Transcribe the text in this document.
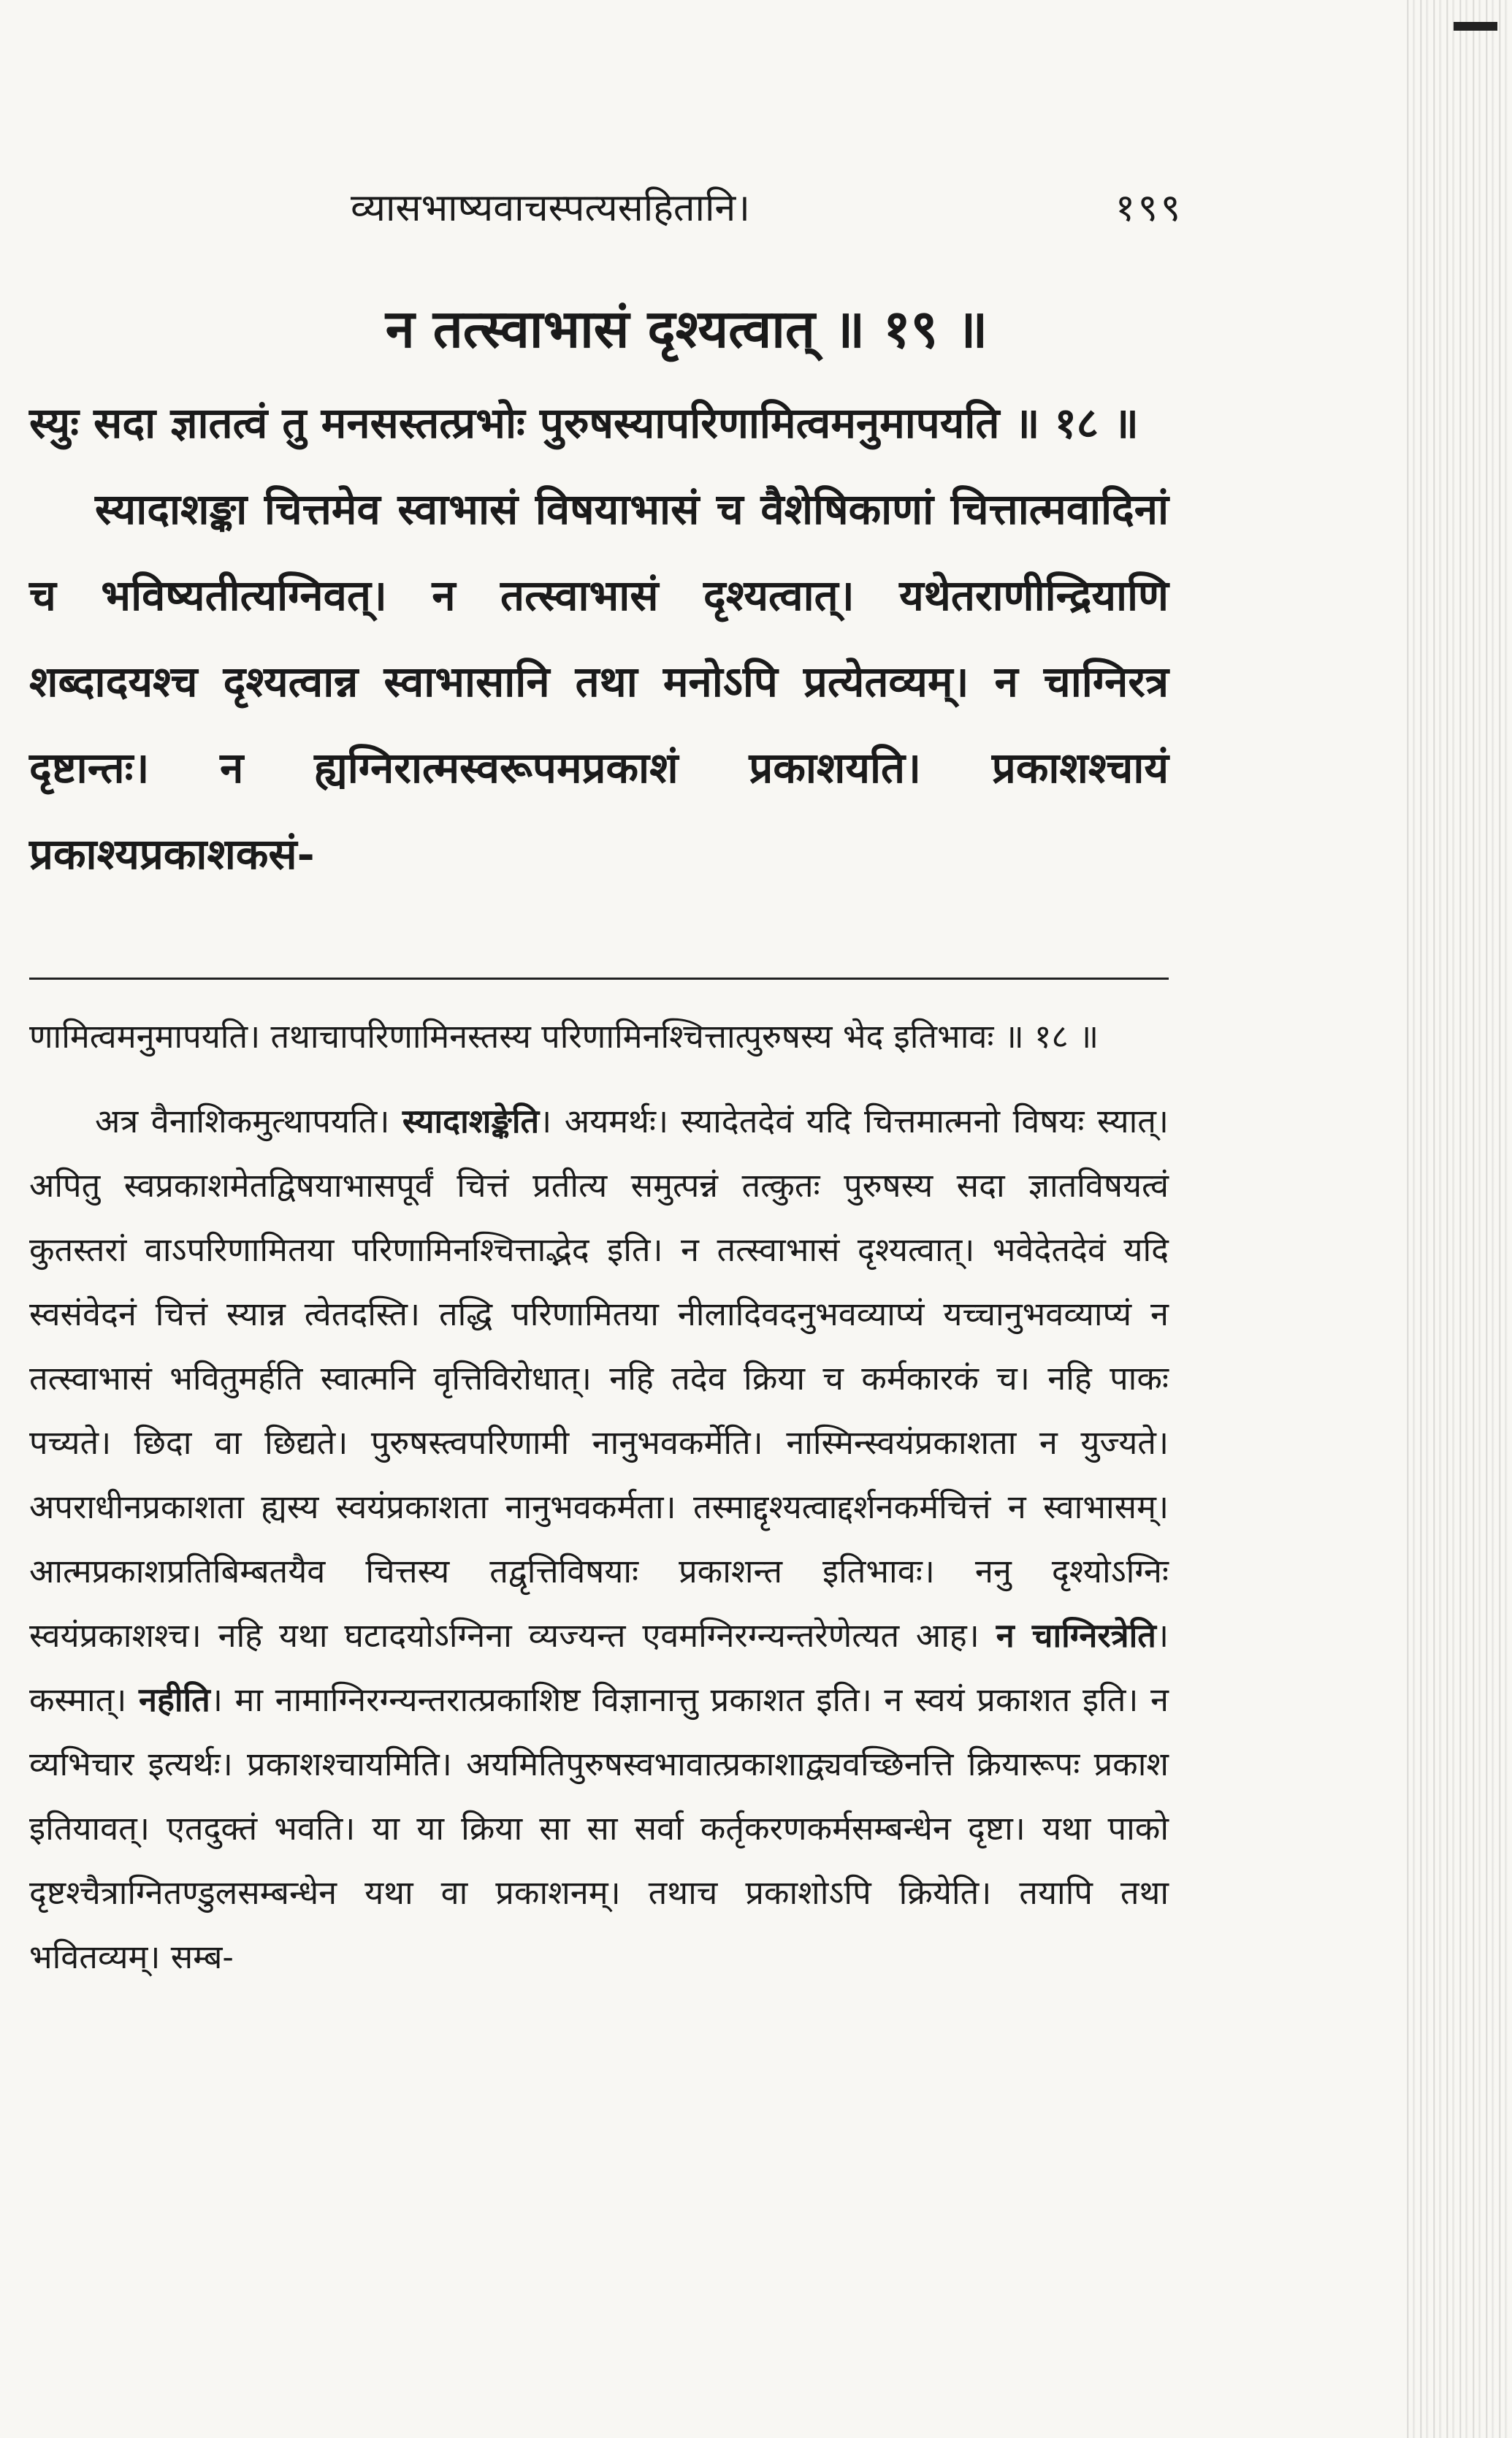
व्यासभाष्यवाचस्पत्यसहितानि।	१९९
न तत्स्वाभासं दृश्यत्वात् ॥ १९ ॥

स्युः सदा ज्ञातत्वं तु मनसस्तत्प्रभोः पुरुषस्यापरिणामित्वमनुमापयति ॥ १८ ॥

स्यादाशङ्का चित्तमेव स्वाभासं विषयाभासं च वैशेषिकाणां चित्तात्मवादिनां च भविष्यतीत्यग्निवत्। न तत्स्वाभासं दृश्यत्वात्। यथेतराणीन्द्रियाणि शब्दादयश्च दृश्यत्वान्न स्वाभासानि तथा मनोऽपि प्रत्येतव्यम्। न चाग्निरत्र दृष्टान्तः। न ह्यग्निरात्मस्वरूपमप्रकाशं प्रकाशयति। प्रकाशश्चायं प्रकाश्यप्रकाशकसं-

णामित्वमनुमापयति। तथाचापरिणामिनस्तस्य परिणामिनश्चित्तात्पुरुषस्य भेद इतिभावः ॥ १८ ॥

अत्र वैनाशिकमुत्थापयति। स्यादाशङ्केति। अयमर्थः। स्यादेतदेवं यदि चित्तमात्मनो विषयः स्यात्। अपितु स्वप्रकाशमेतद्विषयाभासपूर्वं चित्तं प्रतीत्य समुत्पन्नं तत्कुतः पुरुषस्य सदा ज्ञातविषयत्वं कुतस्तरां वाऽपरिणामितया परिणामिनश्चित्ताद्भेद इति। न तत्स्वाभासं दृश्यत्वात्। भवेदेतदेवं यदि स्वसंवेदनं चित्तं स्यान्न त्वेतदस्ति। तद्धि परिणामितया नीलादिवदनुभवव्याप्यं यच्चानुभवव्याप्यं न तत्स्वाभासं भवितुमर्हति स्वात्मनि वृत्तिविरोधात्। नहि तदेव क्रिया च कर्मकारकं च। नहि पाकः पच्यते। छिदा वा छिद्यते। पुरुषस्त्वपरिणामी नानुभवकर्मेति। नास्मिन्स्वयंप्रकाशता न युज्यते। अपराधीनप्रकाशता ह्यस्य स्वयंप्रकाशता नानुभवकर्मता। तस्माद्दृश्यत्वाद्दर्शनकर्मचित्तं न स्वाभासम्। आत्मप्रकाशप्रतिबिम्बतयैव चित्तस्य तद्वृत्तिविषयाः प्रकाशन्त इतिभावः। ननु दृश्योऽग्निः स्वयंप्रकाशश्च। नहि यथा घटादयोऽग्निना व्यज्यन्त एवमग्निरग्न्यन्तरेणेत्यत आह। न चाग्निरत्रेति। कस्मात्। नहीति। मा नामाग्निरग्न्यन्तरात्प्रकाशिष्ट विज्ञानात्तु प्रकाशत इति। न स्वयं प्रकाशत इति। न व्यभिचार इत्यर्थः। प्रकाशश्चायमिति। अयमितिपुरुषस्वभावात्प्रकाशाद्व्यवच्छिनत्ति क्रियारूपः प्रकाश इतियावत्। एतदुक्तं भवति। या या क्रिया सा सा सर्वा कर्तृकरणकर्मसम्बन्धेन दृष्टा। यथा पाको दृष्टश्चैत्राग्नितण्डुलसम्बन्धेन यथा वा प्रकाशनम्। तथाच प्रकाशोऽपि क्रियेति। तयापि तथा भवितव्यम्। सम्ब-
